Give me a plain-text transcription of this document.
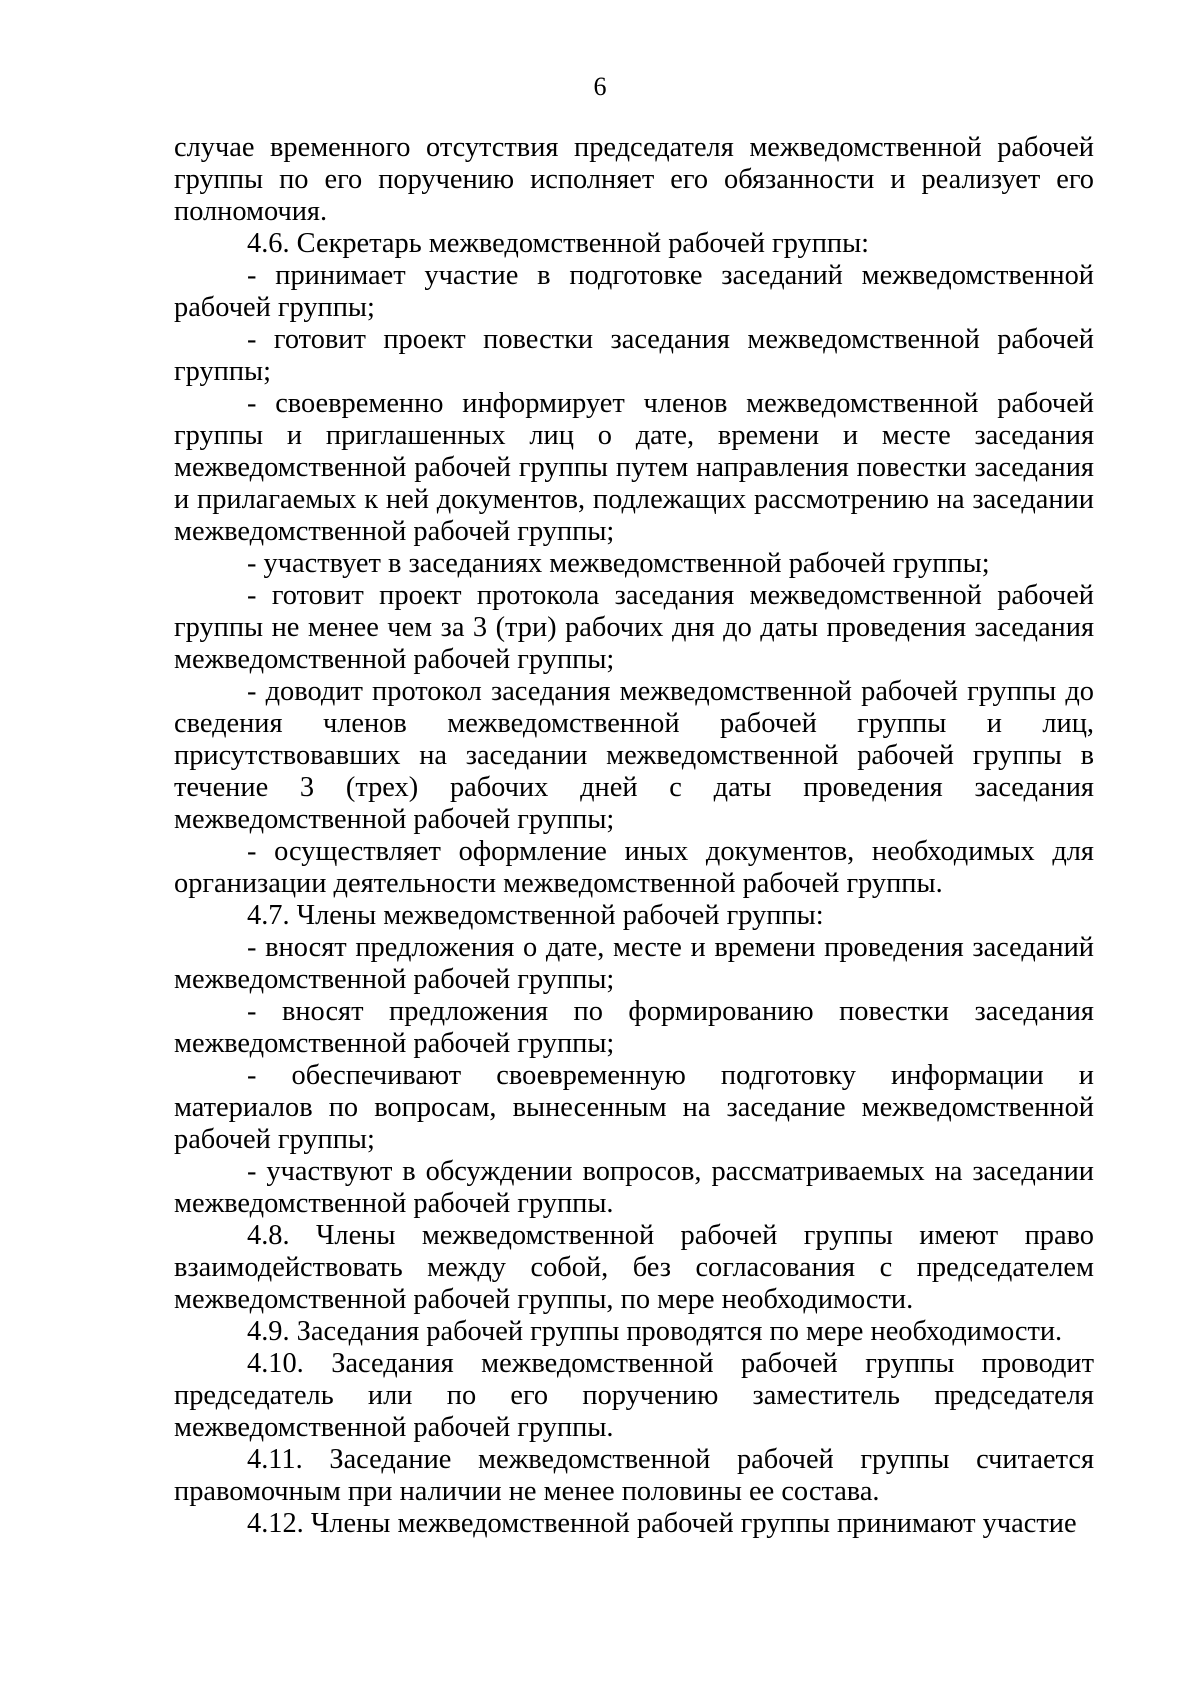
6

случае временного отсутствия председателя межведомственной рабочей группы по его поручению исполняет его обязанности и реализует его полномочия.

4.6. Секретарь межведомственной рабочей группы:

- принимает участие в подготовке заседаний межведомственной рабочей группы;

- готовит проект повестки заседания межведомственной рабочей группы;

- своевременно информирует членов межведомственной рабочей группы и приглашенных лиц о дате, времени и месте заседания межведомственной рабочей группы путем направления повестки заседания и прилагаемых к ней документов, подлежащих рассмотрению на заседании межведомственной рабочей группы;

- участвует в заседаниях межведомственной рабочей группы;

- готовит проект протокола заседания межведомственной рабочей группы не менее чем за 3 (три) рабочих дня до даты проведения заседания межведомственной рабочей группы;

- доводит протокол заседания межведомственной рабочей группы до сведения членов межведомственной рабочей группы и лиц, присутствовавших на заседании межведомственной рабочей группы в течение 3 (трех) рабочих дней с даты проведения заседания межведомственной рабочей группы;

- осуществляет оформление иных документов, необходимых для организации деятельности межведомственной рабочей группы.

4.7. Члены межведомственной рабочей группы:

- вносят предложения о дате, месте и времени проведения заседаний межведомственной рабочей группы;

- вносят предложения по формированию повестки заседания межведомственной рабочей группы;

- обеспечивают своевременную подготовку информации и материалов по вопросам, вынесенным на заседание межведомственной рабочей группы;

- участвуют в обсуждении вопросов, рассматриваемых на заседании межведомственной рабочей группы.

4.8. Члены межведомственной рабочей группы имеют право взаимодействовать между собой, без согласования с председателем межведомственной рабочей группы, по мере необходимости.

4.9. Заседания рабочей группы проводятся по мере необходимости.

4.10. Заседания межведомственной рабочей группы проводит председатель или по его поручению заместитель председателя межведомственной рабочей группы.

4.11. Заседание межведомственной рабочей группы считается правомочным при наличии не менее половины ее состава.

4.12. Члены межведомственной рабочей группы принимают участие
